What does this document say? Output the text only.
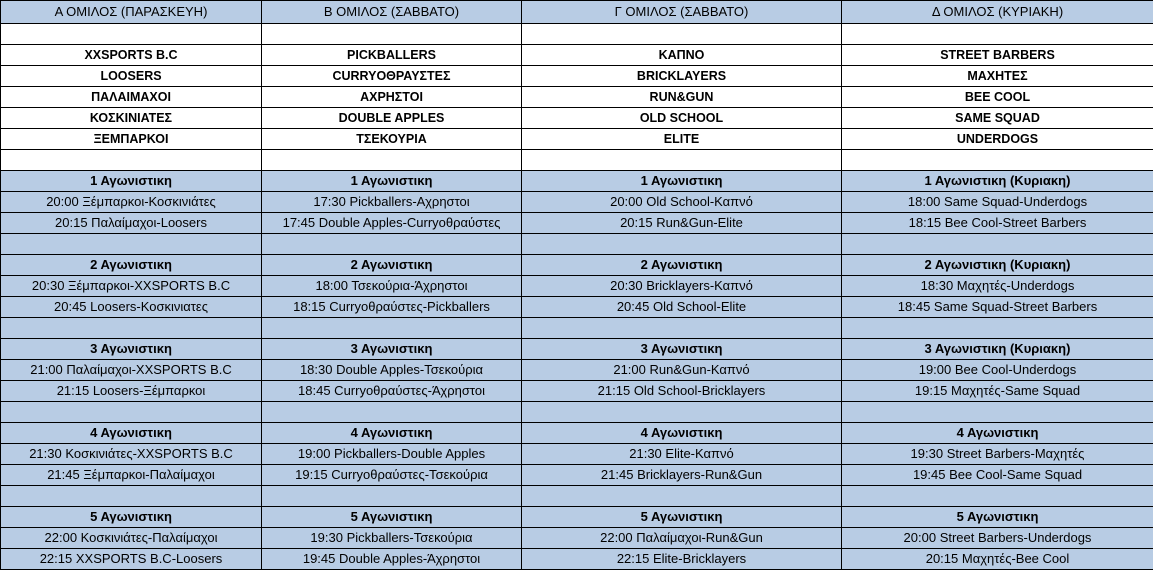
Α ΟΜΙΛΟΣ (ΠΑΡΑΣΚΕΥΗ)	Β ΟΜΙΛΟΣ (ΣΑΒΒΑΤΟ)	Γ ΟΜΙΛΟΣ (ΣΑΒΒΑΤΟ)	Δ ΟΜΙΛΟΣ (ΚΥΡΙΑΚΗ)

XXSPORTS B.C	PICKBALLERS	ΚΑΠΝΟ	STREET BARBERS
LOOSERS	CURRYΟΘΡΑΥΣΤΕΣ	BRICKLAYERS	ΜΑΧΗΤΕΣ
ΠΑΛΑΙΜΑΧΟΙ	ΑΧΡΗΣΤΟΙ	RUN&GUN	BEE COOL
ΚΟΣΚΙΝΙΑΤΕΣ	DOUBLE APPLES	OLD SCHOOL	SAME SQUAD
ΞΕΜΠΑΡΚΟΙ	ΤΣΕΚΟΥΡΙΑ	ELITE	UNDERDOGS

1 Αγωνιστικη	1 Αγωνιστικη	1 Αγωνιστικη	1 Αγωνιστικη (Κυριακη)
20:00 Ξέμπαρκοι-Κοσκινιάτες	17:30 Pickballers-Αχρηστοι	20:00 Old School-Καπνό	18:00 Same Squad-Underdogs
20:15 Παλαίμαχοι-Loosers	17:45 Double Apples-Curryοθραύστες	20:15 Run&Gun-Elite	18:15 Bee Cool-Street Barbers

2 Αγωνιστικη	2 Αγωνιστικη	2 Αγωνιστικη	2 Αγωνιστικη (Κυριακη)
20:30 Ξέμπαρκοι-XXSPORTS B.C	18:00 Τσεκούρια-Άχρηστοι	20:30 Bricklayers-Καπνό	18:30 Μαχητές-Underdogs
20:45 Loosers-Κοσκινιατες	18:15 Curryοθραύστες-Pickballers	20:45 Old School-Elite	18:45 Same Squad-Street Barbers

3 Αγωνιστικη	3 Αγωνιστικη	3 Αγωνιστικη	3 Αγωνιστικη (Κυριακη)
21:00 Παλαίμαχοι-XXSPORTS B.C	18:30 Double Apples-Τσεκούρια	21:00 Run&Gun-Καπνό	19:00 Bee Cool-Underdogs
21:15 Loosers-Ξέμπαρκοι	18:45 Curryοθραύστες-Άχρηστοι	21:15 Old School-Bricklayers	19:15 Μαχητές-Same Squad

4 Αγωνιστικη	4 Αγωνιστικη	4 Αγωνιστικη	4 Αγωνιστικη
21:30 Κοσκινιάτες-XXSPORTS B.C	19:00 Pickballers-Double Apples	21:30 Elite-Καπνό	19:30 Street Barbers-Μαχητές
21:45 Ξέμπαρκοι-Παλαίμαχοι	19:15 Curryοθραύστες-Τσεκούρια	21:45 Bricklayers-Run&Gun	19:45 Bee Cool-Same Squad

5 Αγωνιστικη	5 Αγωνιστικη	5 Αγωνιστικη	5 Αγωνιστικη
22:00 Κοσκινιάτες-Παλαίμαχοι	19:30 Pickballers-Τσεκούρια	22:00 Παλαίμαχοι-Run&Gun	20:00 Street Barbers-Underdogs
22:15 XXSPORTS B.C-Loosers	19:45 Double Apples-Άχρηστοι	22:15 Elite-Bricklayers	20:15 Μαχητές-Bee Cool
